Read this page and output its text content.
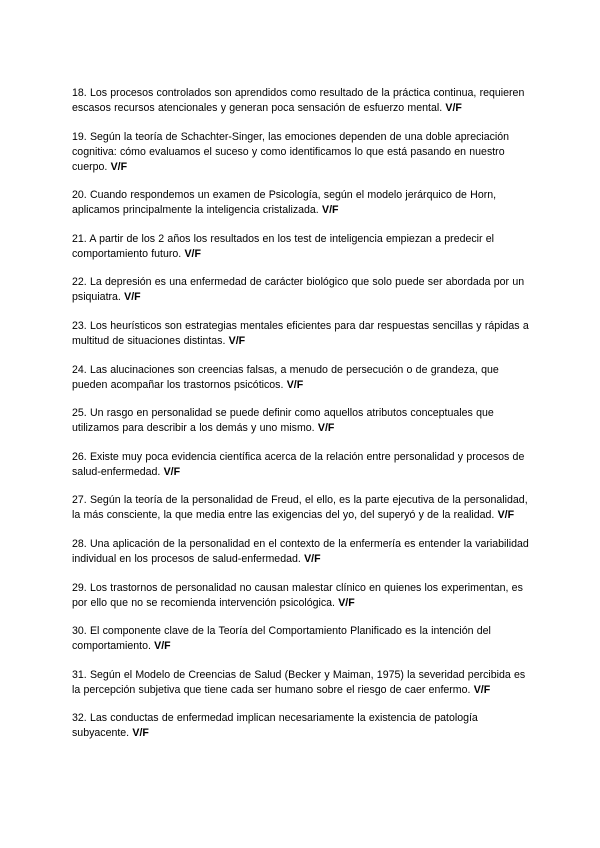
18. Los procesos controlados son aprendidos como resultado de la práctica continua, requieren escasos recursos atencionales y generan poca sensación de esfuerzo mental. V/F

19. Según la teoría de Schachter-Singer, las emociones dependen de una doble apreciación cognitiva: cómo evaluamos el suceso y como identificamos lo que está pasando en nuestro cuerpo. V/F

20. Cuando respondemos un examen de Psicología, según el modelo jerárquico de Horn, aplicamos principalmente la inteligencia cristalizada. V/F

21. A partir de los 2 años los resultados en los test de inteligencia empiezan a predecir el comportamiento futuro. V/F

22. La depresión es una enfermedad de carácter biológico que solo puede ser abordada por un psiquiatra. V/F

23. Los heurísticos son estrategias mentales eficientes para dar respuestas sencillas y rápidas a multitud de situaciones distintas. V/F

24. Las alucinaciones son creencias falsas, a menudo de persecución o de grandeza, que pueden acompañar los trastornos psicóticos. V/F

25. Un rasgo en personalidad se puede definir como aquellos atributos conceptuales que utilizamos para describir a los demás y uno mismo. V/F

26. Existe muy poca evidencia científica acerca de la relación entre personalidad y procesos de salud-enfermedad. V/F

27. Según la teoría de la personalidad de Freud, el ello, es la parte ejecutiva de la personalidad, la más consciente, la que media entre las exigencias del yo, del superyó y de la realidad. V/F

28. Una aplicación de la personalidad en el contexto de la enfermería es entender la variabilidad individual en los procesos de salud-enfermedad. V/F

29. Los trastornos de personalidad no causan malestar clínico en quienes los experimentan, es por ello que no se recomienda intervención psicológica. V/F

30. El componente clave de la Teoría del Comportamiento Planificado es la intención del comportamiento. V/F

31. Según el Modelo de Creencias de Salud (Becker y Maiman, 1975) la severidad percibida es la percepción subjetiva que tiene cada ser humano sobre el riesgo de caer enfermo. V/F

32. Las conductas de enfermedad implican necesariamente la existencia de patología subyacente. V/F
